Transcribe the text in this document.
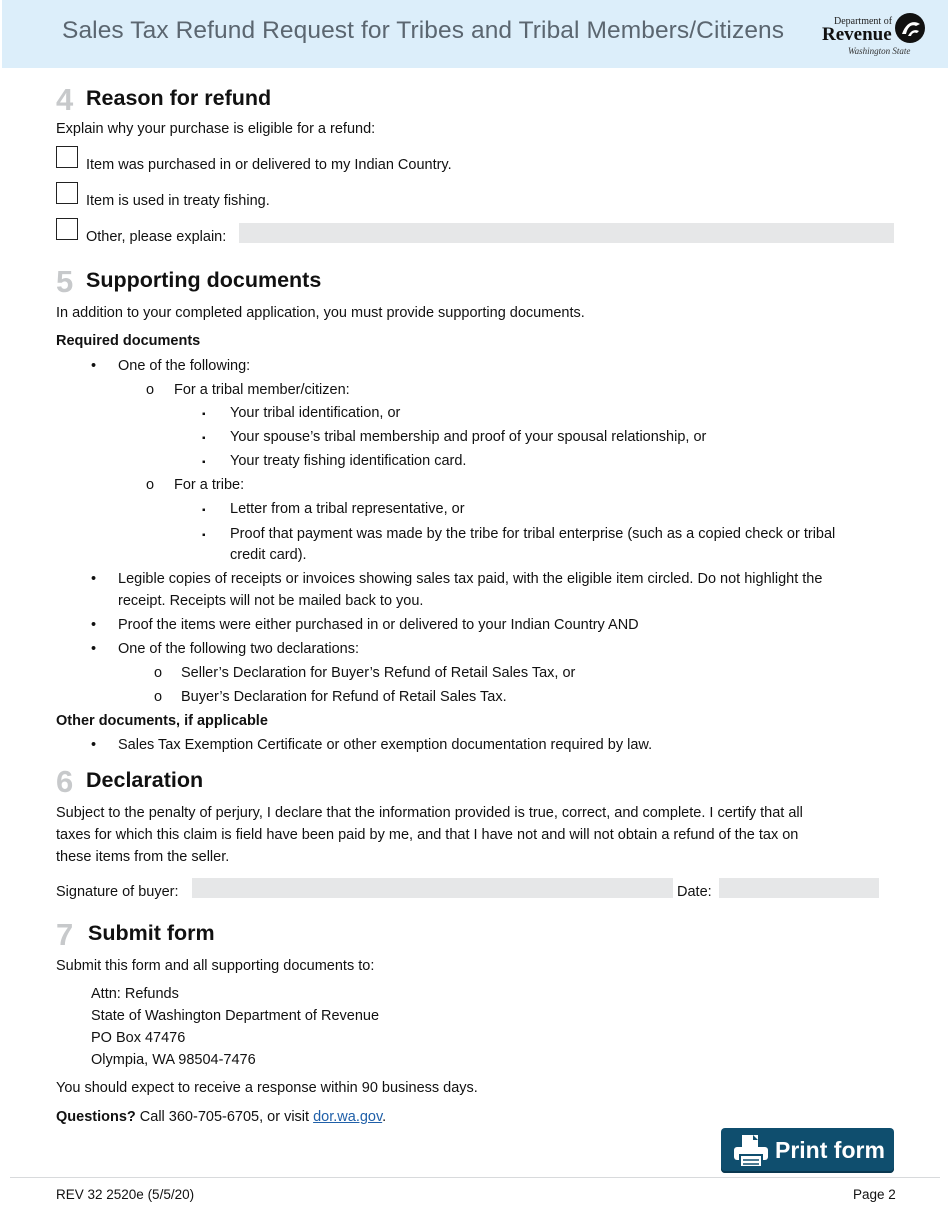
Sales Tax Refund Request for Tribes and Tribal Members/Citizens	Department of
Revenue
Washington State
4 Reason for refund
Explain why your purchase is eligible for a refund:
Item was purchased in or delivered to my Indian Country.
Item is used in treaty fishing.
Other, please explain:
5 Supporting documents
In addition to your completed application, you must provide supporting documents.
Required documents
• One of the following:
o For a tribal member/citizen:
▪ Your tribal identification, or
▪ Your spouse’s tribal membership and proof of your spousal relationship, or
▪ Your treaty fishing identification card.
o For a tribe:
▪ Letter from a tribal representative, or
▪ Proof that payment was made by the tribe for tribal enterprise (such as a copied check or tribal
credit card).
• Legible copies of receipts or invoices showing sales tax paid, with the eligible item circled. Do not highlight the
receipt. Receipts will not be mailed back to you.
• Proof the items were either purchased in or delivered to your Indian Country AND
• One of the following two declarations:
o Seller’s Declaration for Buyer’s Refund of Retail Sales Tax, or
o Buyer’s Declaration for Refund of Retail Sales Tax.
Other documents, if applicable
• Sales Tax Exemption Certificate or other exemption documentation required by law.
6 Declaration
Subject to the penalty of perjury, I declare that the information provided is true, correct, and complete. I certify that all
taxes for which this claim is field have been paid by me, and that I have not and will not obtain a refund of the tax on
these items from the seller.
Signature of buyer:	Date:
7 Submit form
Submit this form and all supporting documents to:
Attn: Refunds
State of Washington Department of Revenue
PO Box 47476
Olympia, WA 98504-7476
You should expect to receive a response within 90 business days.
Questions? Call 360-705-6705, or visit dor.wa.gov.
Print form
REV 32 2520e (5/5/20)	Page 2
